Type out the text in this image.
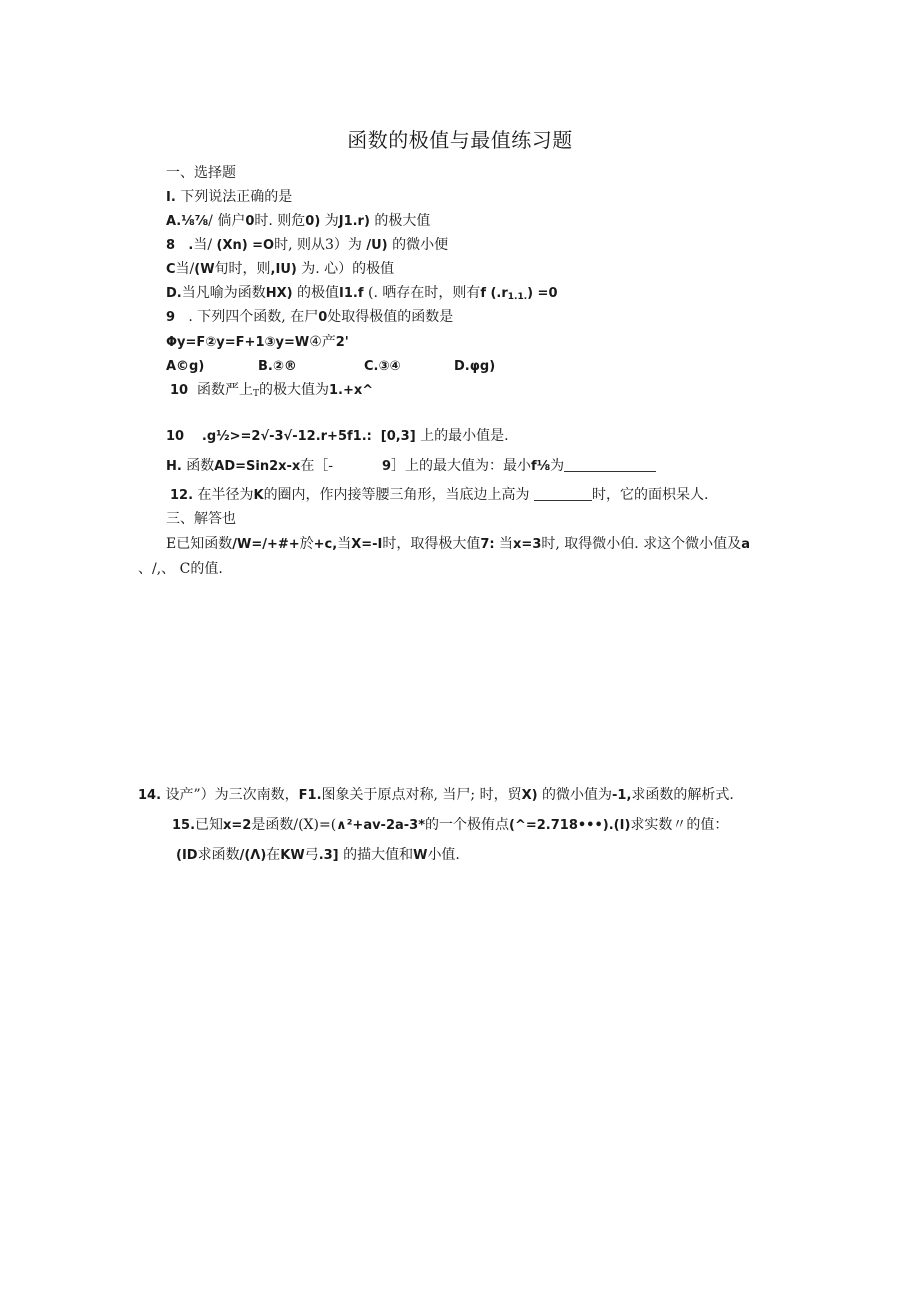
函数的极值与最值练习题
一、选择题
I. 下列说法正确的是
A.⅛⅞/ 倘户0时. 则危0) 为J1.r) 的极大值
8 .当/ (Xn) =O时, 则从3）为 /U) 的微小便
C当/(W旬时，则,IU) 为. 心）的极值
D.当凡喻为函数HX) 的极值I1.f (. 哂存在时，则有f $(.r_{1.1.}) =0$
9 . 下列四个函数, 在尸0处取得极值的函数是
Φy=F②y=F+1③y=W④产2'
A©g)	B.②®	C.③④	D.φg)
10 函数严上$_T$的极大值为1.+x^
10 .g½>=2√-3√-12.r+5f1.: [0,3] 上的最小值是.
H. 函数AD=Sin2x-x在［-	9］上的最大值为：最小f⅛为
12. 在半径为K的圈内，作内接等腰三角形，当底边上高为	时，它的面枳呆人.
三、解答也
E已知函数/W=/+#+於+c,当X=-I时，取得极大值7: 当x=3时, 取得微小伯. 求这个微小值及a
、/,、 C的值.
14. 设产”）为三次南数，F1.图象关于原点对称, 当尸; 时，贸X) 的微小值为-1,求函数的解析式.
15.已知x=2是函数/(X)=(∧²+av-2a-3*的一个极侑点(^=2.718•••).(I)求实数〃的值：
(ID求函数/(Λ)在KW弓.3] 的描大值和W小值.
